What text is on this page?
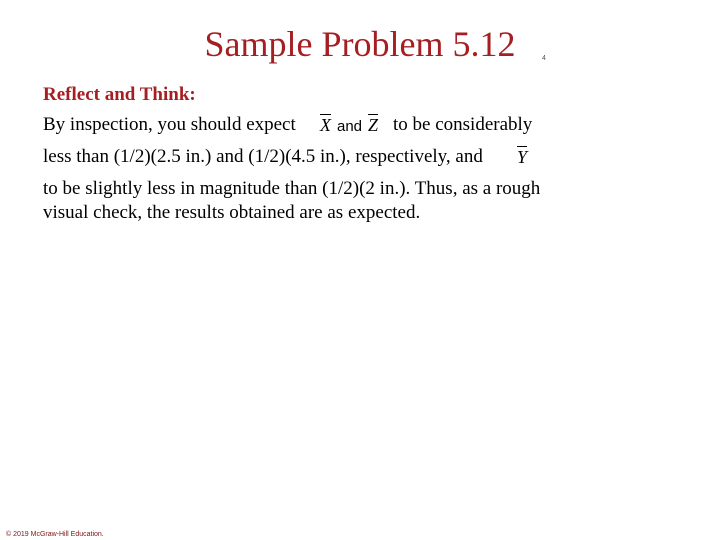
Sample Problem 5.12	4
Reflect and Think:
By inspection, you should expect $\overline{X}$ and $\overline{Z}$ to be considerably
less than (1/2)(2.5 in.) and (1/2)(4.5 in.), respectively, and $\overline{Y}$
to be slightly less in magnitude than (1/2)(2 in.). Thus, as a rough
visual check, the results obtained are as expected.
© 2019 McGraw-Hill Education.
